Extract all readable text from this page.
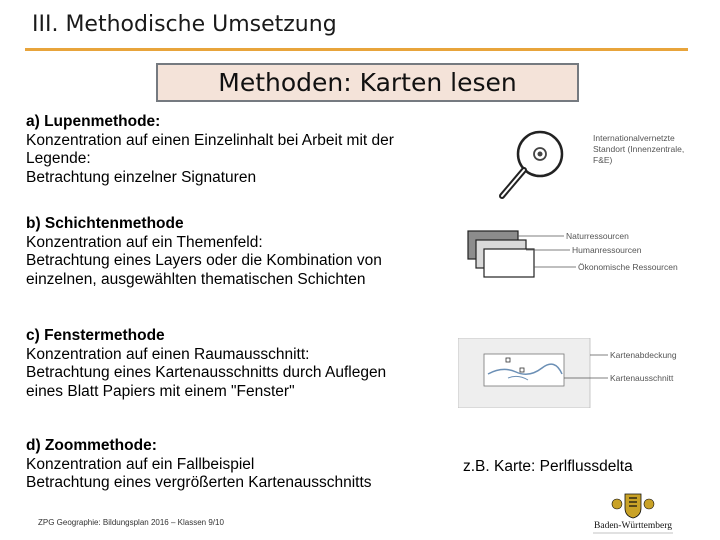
III. Methodische Umsetzung
Methoden: Karten lesen
a) Lupenmethode:
Konzentration auf einen Einzelinhalt bei Arbeit mit der
Legende:
Betrachtung einzelner Signaturen
b) Schichtenmethode
Konzentration auf ein Themenfeld:
Betrachtung eines Layers oder die Kombination von
einzelnen, ausgewählten thematischen Schichten
c) Fenstermethode
Konzentration auf einen Raumausschnitt:
Betrachtung eines Kartenausschnitts durch Auflegen
eines Blatt Papiers mit einem "Fenster"
d) Zoommethode:
Konzentration auf ein Fallbeispiel
Betrachtung eines vergrößerten Kartenausschnitts
Internationalvernetzte
Standort (Innenzentrale,
F&E)
Naturressourcen
Humanressourcen
Ökonomische Ressourcen
Kartenabdeckung
Kartenausschnitt
z.B. Karte: Perlflussdelta
ZPG Geographie: Bildungsplan 2016 – Klassen 9/10	Baden-Württemberg
